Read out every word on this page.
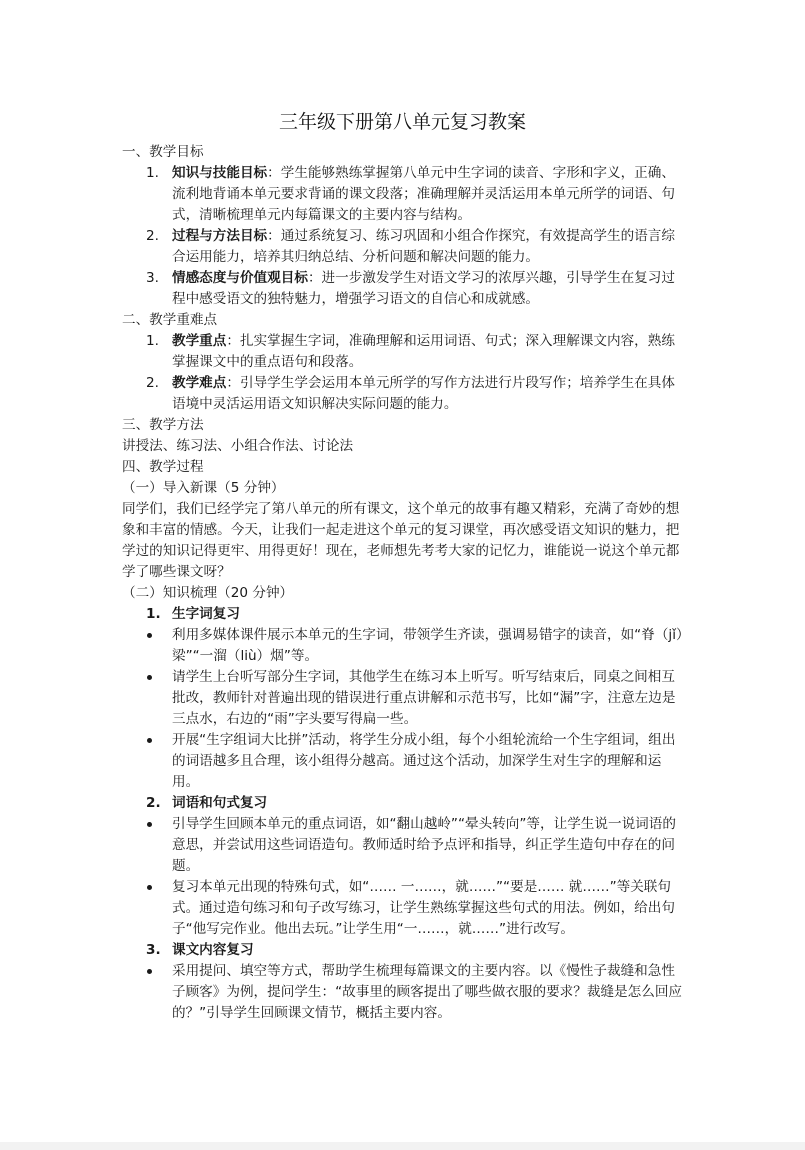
三年级下册第八单元复习教案

一、教学目标

1. 知识与技能目标：学生能够熟练掌握第八单元中生字词的读音、字形和字义，正确、流利地背诵本单元要求背诵的课文段落；准确理解并灵活运用本单元所学的词语、句式，清晰梳理单元内每篇课文的主要内容与结构。
2. 过程与方法目标：通过系统复习、练习巩固和小组合作探究，有效提高学生的语言综合运用能力，培养其归纳总结、分析问题和解决问题的能力。
3. 情感态度与价值观目标：进一步激发学生对语文学习的浓厚兴趣，引导学生在复习过程中感受语文的独特魅力，增强学习语文的自信心和成就感。

二、教学重难点

1. 教学重点：扎实掌握生字词，准确理解和运用词语、句式；深入理解课文内容，熟练掌握课文中的重点语句和段落。
2. 教学难点：引导学生学会运用本单元所学的写作方法进行片段写作；培养学生在具体语境中灵活运用语文知识解决实际问题的能力。

三、教学方法

讲授法、练习法、小组合作法、讨论法

四、教学过程

（一）导入新课（5 分钟）

同学们，我们已经学完了第八单元的所有课文，这个单元的故事有趣又精彩，充满了奇妙的想象和丰富的情感。今天，让我们一起走进这个单元的复习课堂，再次感受语文知识的魅力，把学过的知识记得更牢、用得更好！现在，老师想先考考大家的记忆力，谁能说一说这个单元都学了哪些课文呀？

（二）知识梳理（20 分钟）

1. 生字词复习
利用多媒体课件展示本单元的生字词，带领学生齐读，强调易错字的读音，如“脊（jǐ）梁”“一溜（liù）烟”等。
请学生上台听写部分生字词，其他学生在练习本上听写。听写结束后，同桌之间相互批改，教师针对普遍出现的错误进行重点讲解和示范书写，比如“漏”字，注意左边是三点水，右边的“雨”字头要写得扁一些。
开展“生字组词大比拼”活动，将学生分成小组，每个小组轮流给一个生字组词，组出的词语越多且合理，该小组得分越高。通过这个活动，加深学生对生字的理解和运用。
2. 词语和句式复习
引导学生回顾本单元的重点词语，如“翻山越岭”“晕头转向”等，让学生说一说词语的意思，并尝试用这些词语造句。教师适时给予点评和指导，纠正学生造句中存在的问题。
复习本单元出现的特殊句式，如“…… 一……，就……”“要是…… 就……”等关联句式。通过造句练习和句子改写练习，让学生熟练掌握这些句式的用法。例如，给出句子“他写完作业。他出去玩。”让学生用“一……，就……”进行改写。
3. 课文内容复习
采用提问、填空等方式，帮助学生梳理每篇课文的主要内容。以《慢性子裁缝和急性子顾客》为例，提问学生：“故事里的顾客提出了哪些做衣服的要求？裁缝是怎么回应的？”引导学生回顾课文情节，概括主要内容。
